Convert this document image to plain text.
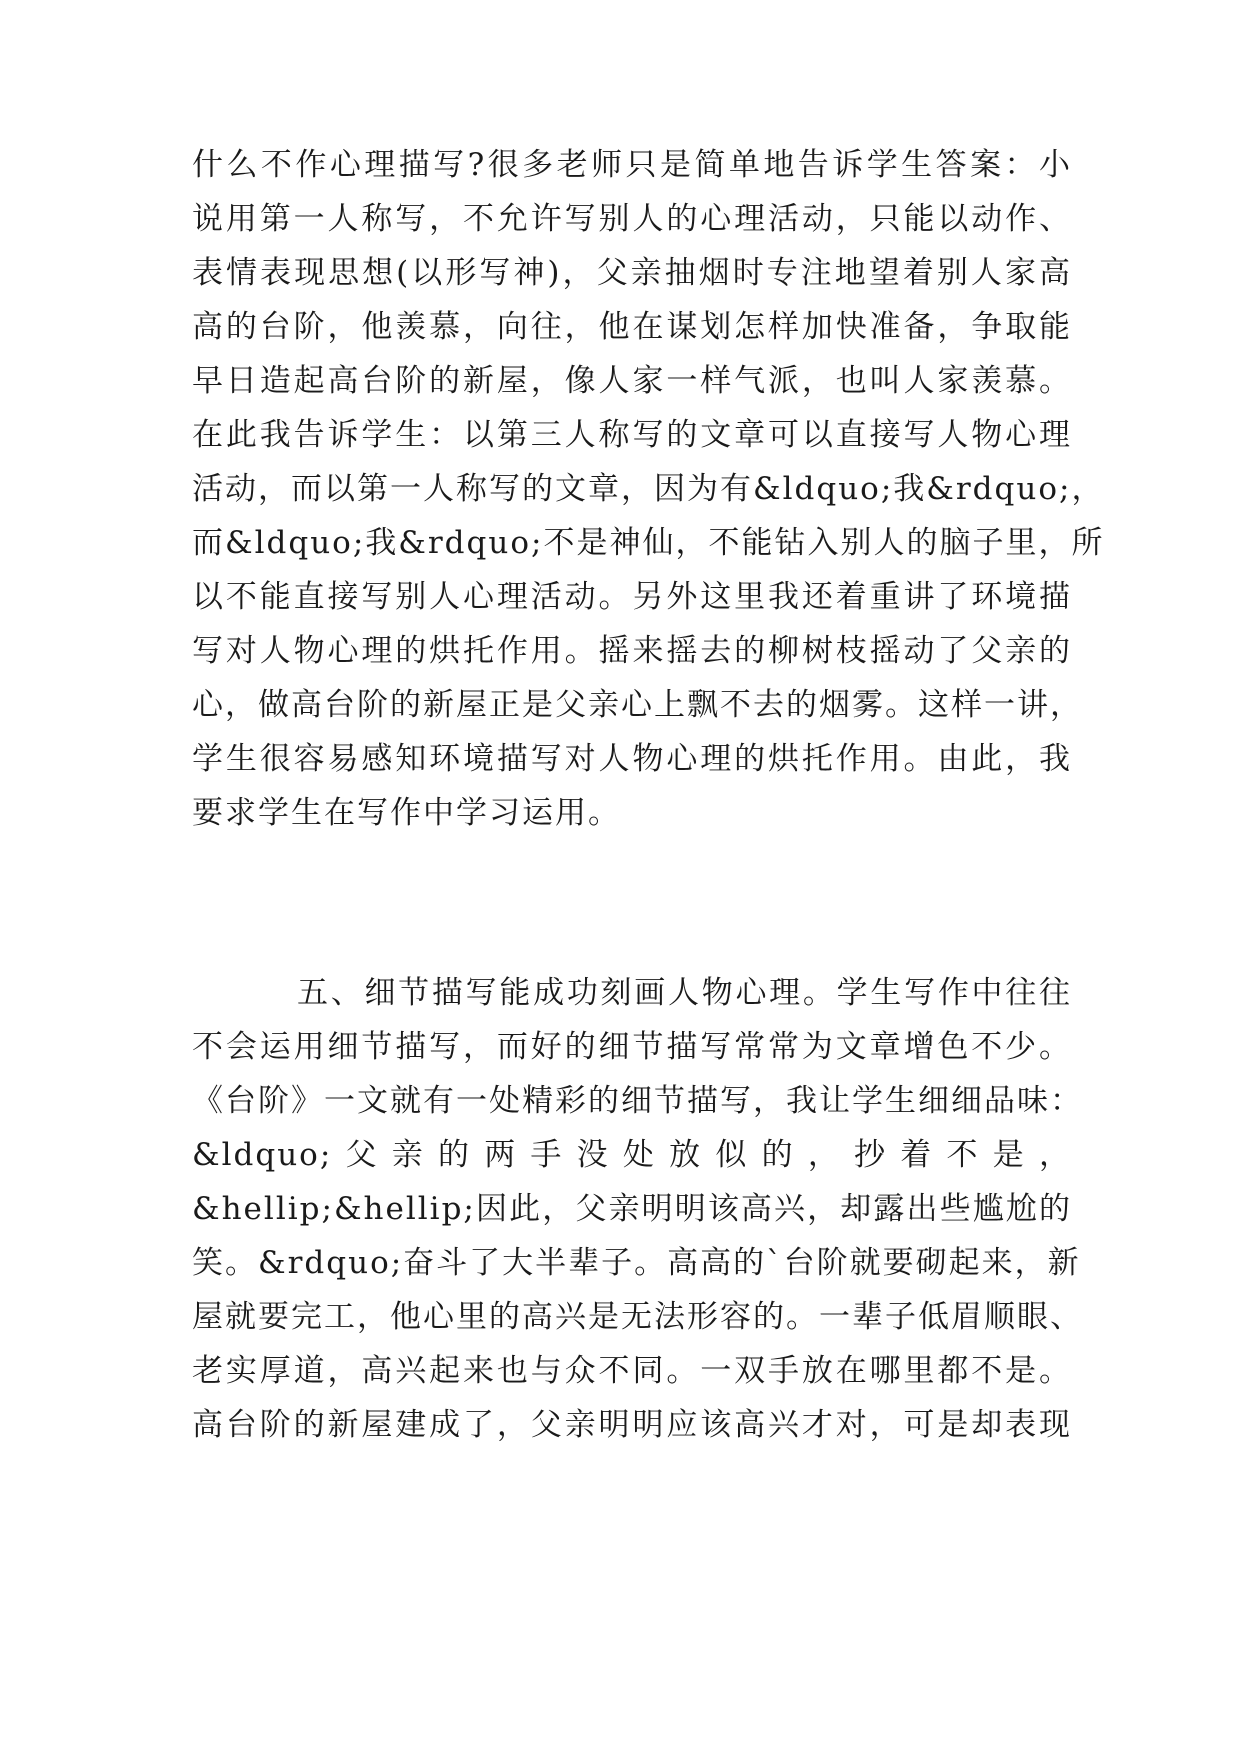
什么不作心理描写?很多老师只是简单地告诉学生答案：小
说用第一人称写，不允许写别人的心理活动，只能以动作、
表情表现思想(以形写神)，父亲抽烟时专注地望着别人家高
高的台阶，他羡慕，向往，他在谋划怎样加快准备，争取能
早日造起高台阶的新屋，像人家一样气派，也叫人家羡慕。
在此我告诉学生：以第三人称写的文章可以直接写人物心理
活动，而以第一人称写的文章，因为有&ldquo;我&rdquo;，
而&ldquo;我&rdquo;不是神仙，不能钻入别人的脑子里，所
以不能直接写别人心理活动。另外这里我还着重讲了环境描
写对人物心理的烘托作用。摇来摇去的柳树枝摇动了父亲的
心，做高台阶的新屋正是父亲心上飘不去的烟雾。这样一讲，
学生很容易感知环境描写对人物心理的烘托作用。由此，我
要求学生在写作中学习运用。
五、细节描写能成功刻画人物心理。学生写作中往往
不会运用细节描写，而好的细节描写常常为文章增色不少。
《台阶》一文就有一处精彩的细节描写，我让学生细细品味：
&ldquo;父亲的两手没处放似的，抄着不是，
&hellip;&hellip;因此，父亲明明该高兴，却露出些尴尬的
笑。&rdquo;奋斗了大半辈子。高高的`台阶就要砌起来，新
屋就要完工，他心里的高兴是无法形容的。一辈子低眉顺眼、
老实厚道，高兴起来也与众不同。一双手放在哪里都不是。
高台阶的新屋建成了，父亲明明应该高兴才对，可是却表现
